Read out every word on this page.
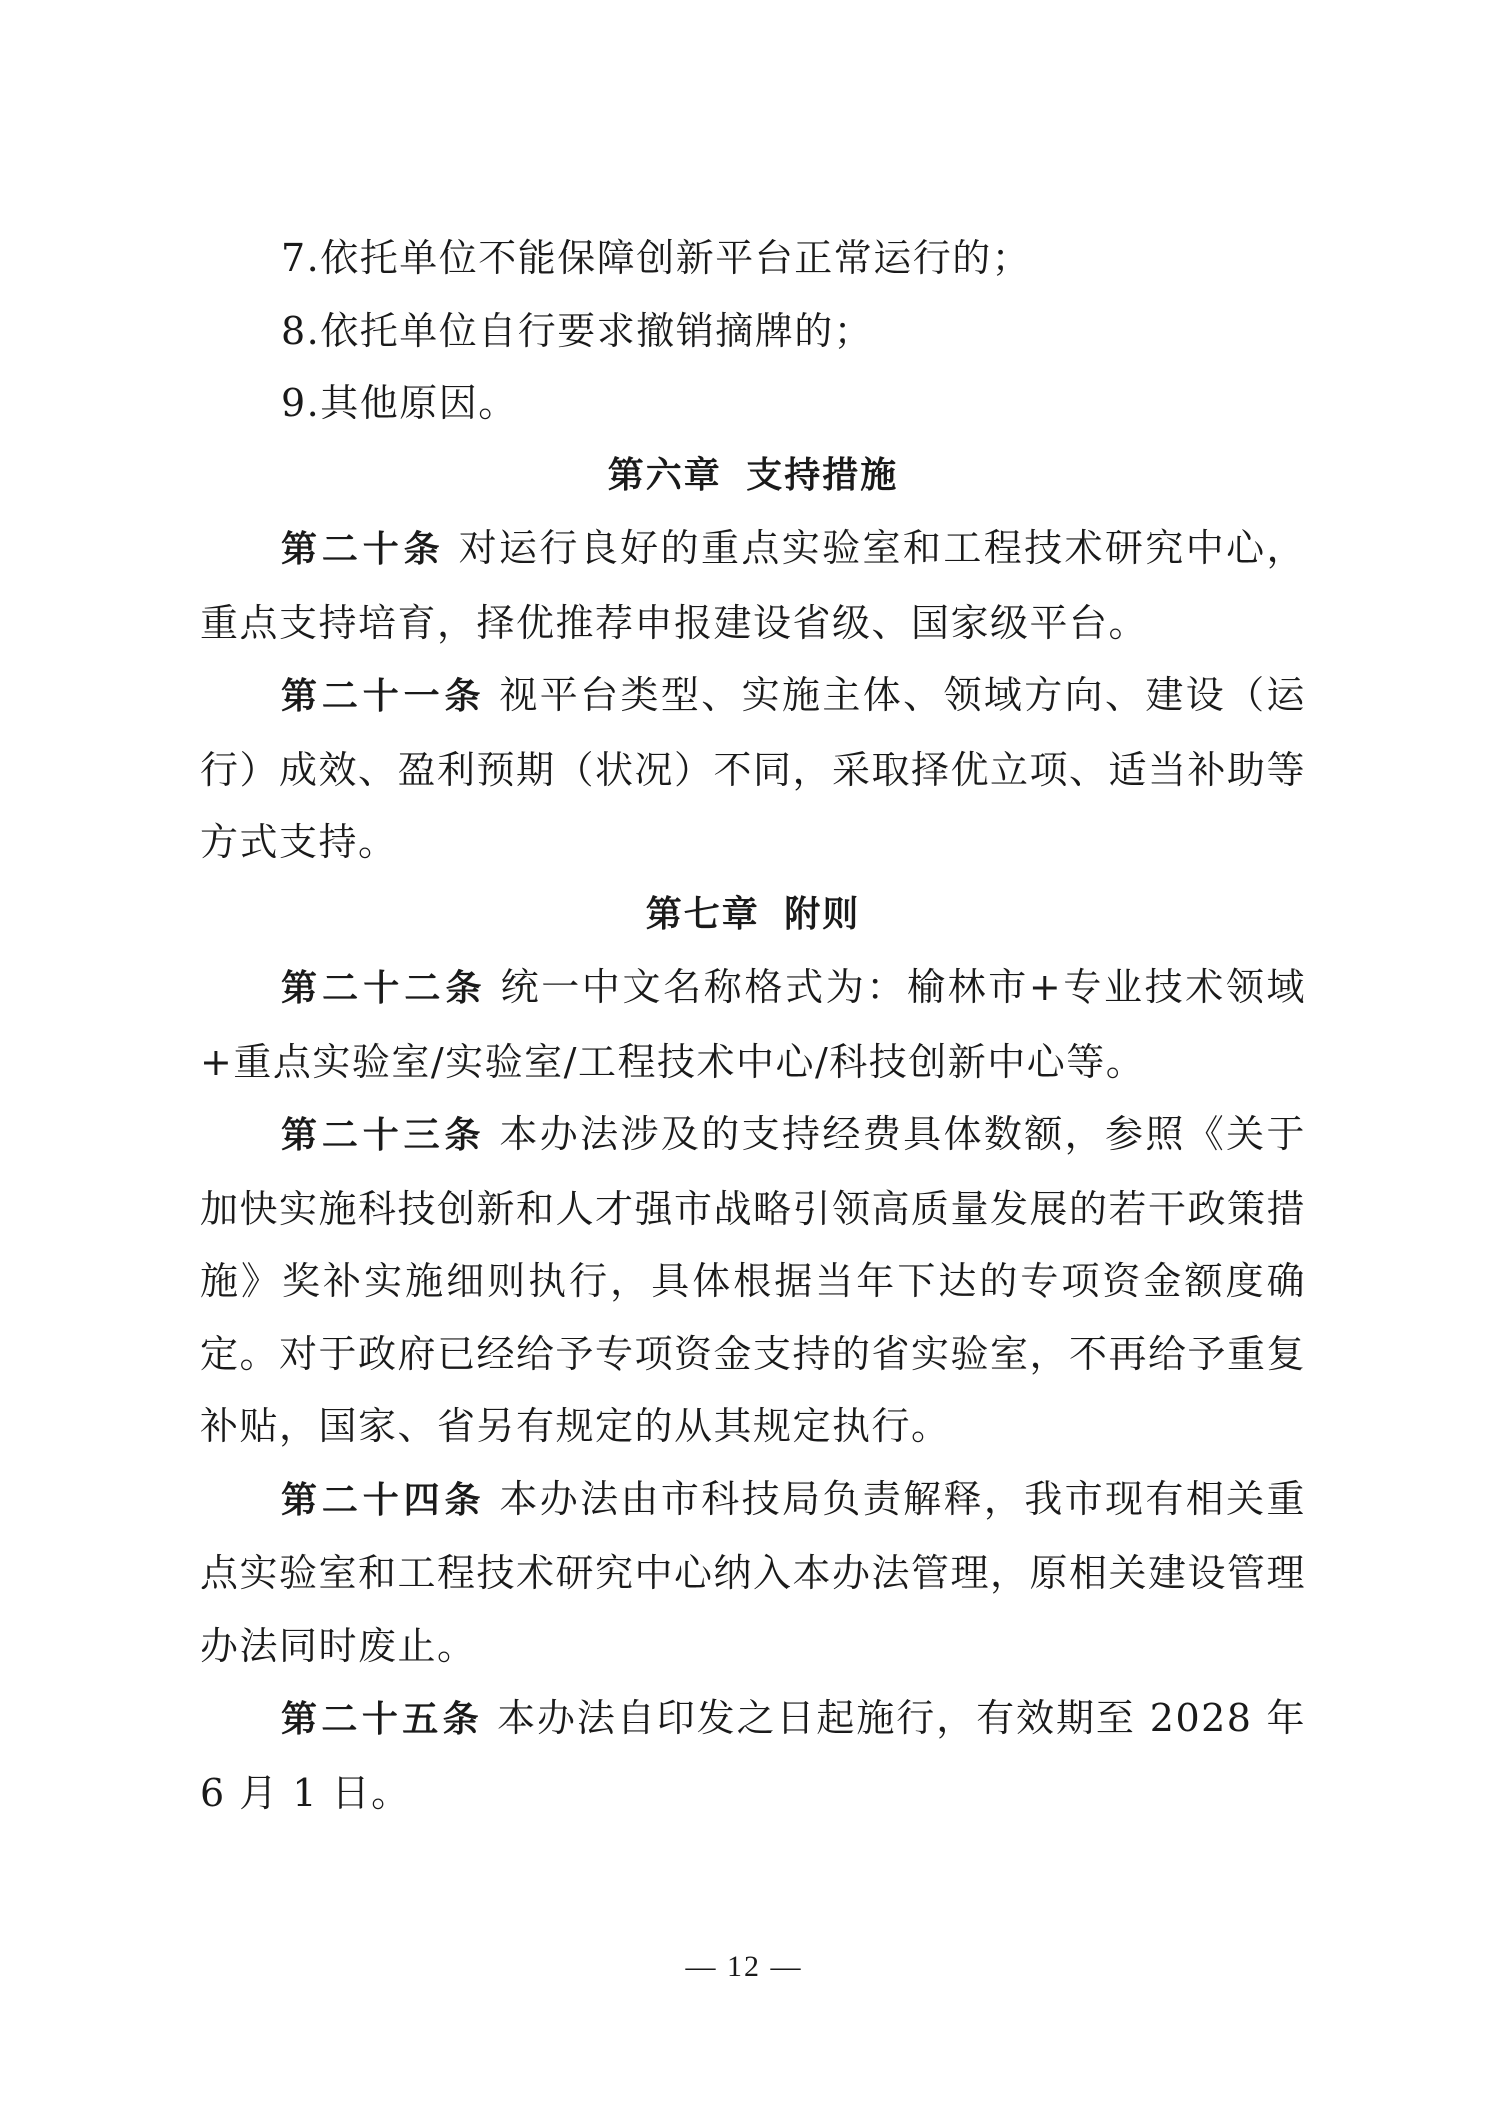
7.依托单位不能保障创新平台正常运行的；

8.依托单位自行要求撤销摘牌的；

9.其他原因。

第六章 支持措施

第二十条 对运行良好的重点实验室和工程技术研究中心，重点支持培育，择优推荐申报建设省级、国家级平台。

第二十一条 视平台类型、实施主体、领域方向、建设（运行）成效、盈利预期（状况）不同，采取择优立项、适当补助等方式支持。

第七章 附则

第二十二条 统一中文名称格式为：榆林市+专业技术领域+重点实验室/实验室/工程技术中心/科技创新中心等。

第二十三条 本办法涉及的支持经费具体数额，参照《关于加快实施科技创新和人才强市战略引领高质量发展的若干政策措施》奖补实施细则执行，具体根据当年下达的专项资金额度确定。对于政府已经给予专项资金支持的省实验室，不再给予重复补贴，国家、省另有规定的从其规定执行。

第二十四条 本办法由市科技局负责解释，我市现有相关重点实验室和工程技术研究中心纳入本办法管理，原相关建设管理办法同时废止。

第二十五条 本办法自印发之日起施行，有效期至 2028 年 6 月 1 日。

— 12 —
